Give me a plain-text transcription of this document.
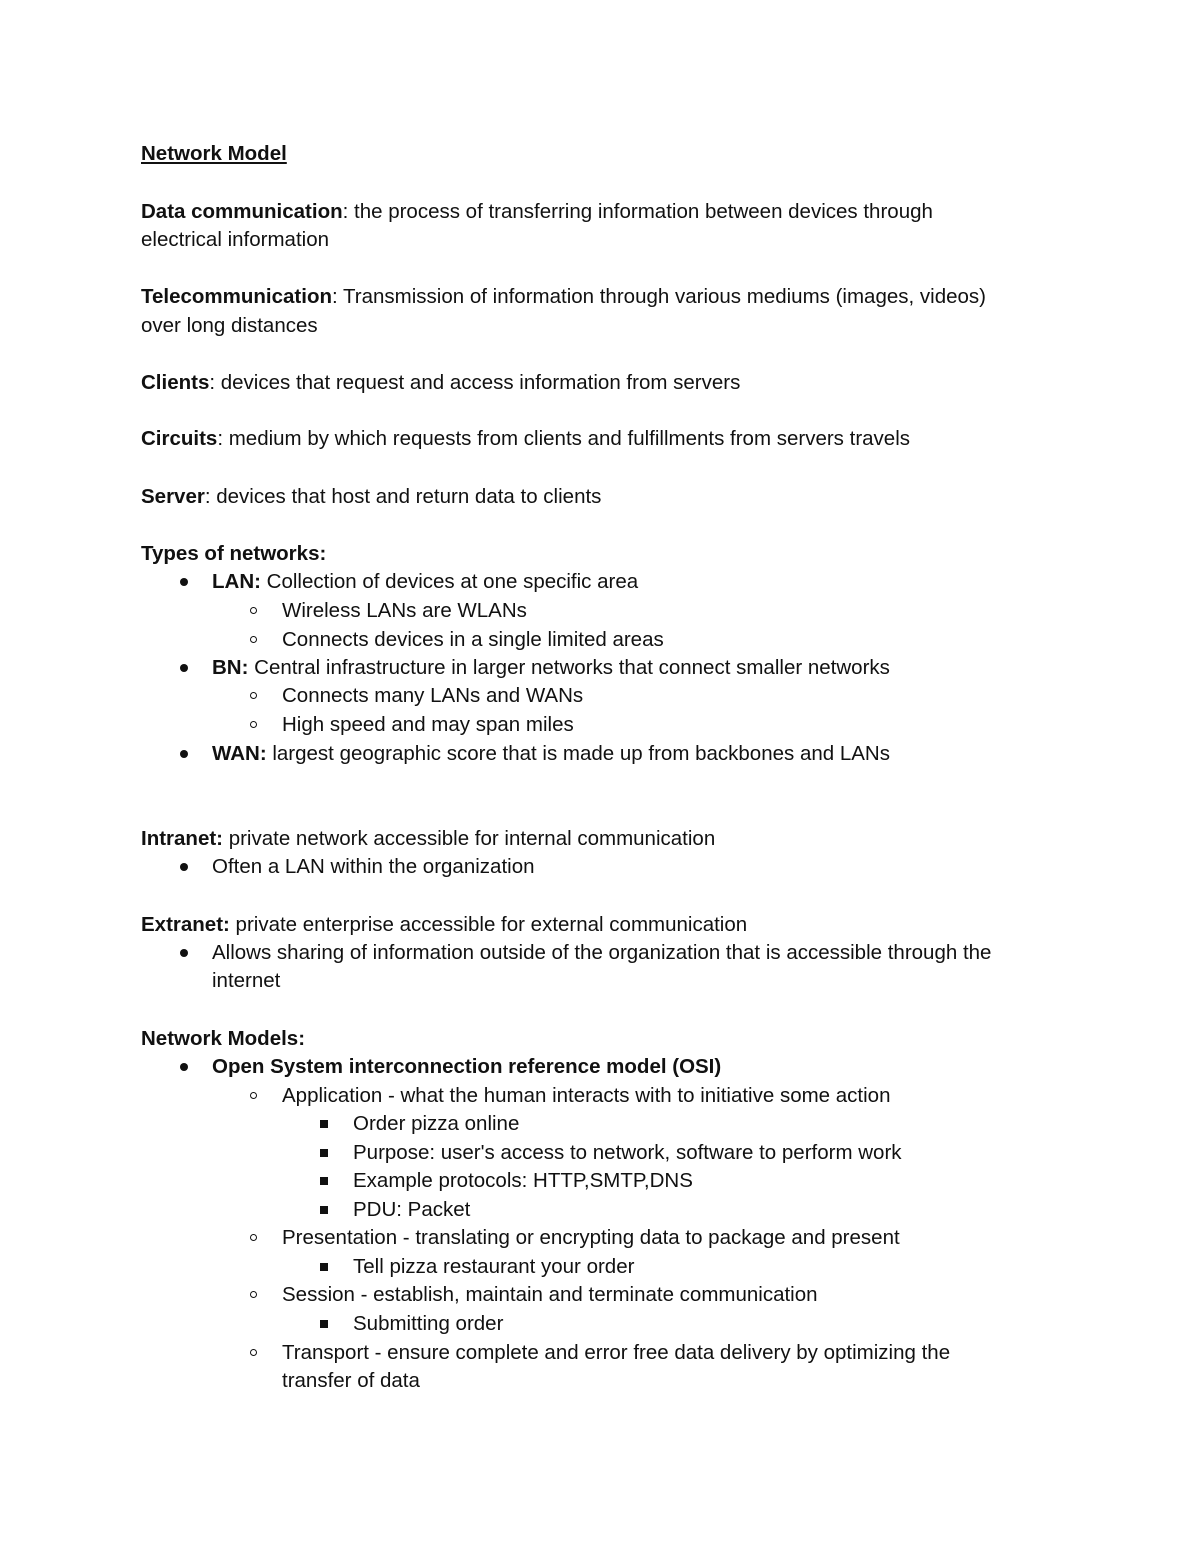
Network Model
Data communication: the process of transferring information between devices through
electrical information
Telecommunication: Transmission of information through various mediums (images, videos)
over long distances
Clients: devices that request and access information from servers
Circuits: medium by which requests from clients and fulfillments from servers travels
Server: devices that host and return data to clients
Types of networks:
LAN: Collection of devices at one specific area
Wireless LANs are WLANs
Connects devices in a single limited areas
BN: Central infrastructure in larger networks that connect smaller networks
Connects many LANs and WANs
High speed and may span miles
WAN: largest geographic score that is made up from backbones and LANs
Intranet: private network accessible for internal communication
Often a LAN within the organization
Extranet: private enterprise accessible for external communication
Allows sharing of information outside of the organization that is accessible through the
internet
Network Models:
Open System interconnection reference model (OSI)
Application - what the human interacts with to initiative some action
Order pizza online
Purpose: user's access to network, software to perform work
Example protocols: HTTP,SMTP,DNS
PDU: Packet
Presentation - translating or encrypting data to package and present
Tell pizza restaurant your order
Session - establish, maintain and terminate communication
Submitting order
Transport - ensure complete and error free data delivery by optimizing the
transfer of data
